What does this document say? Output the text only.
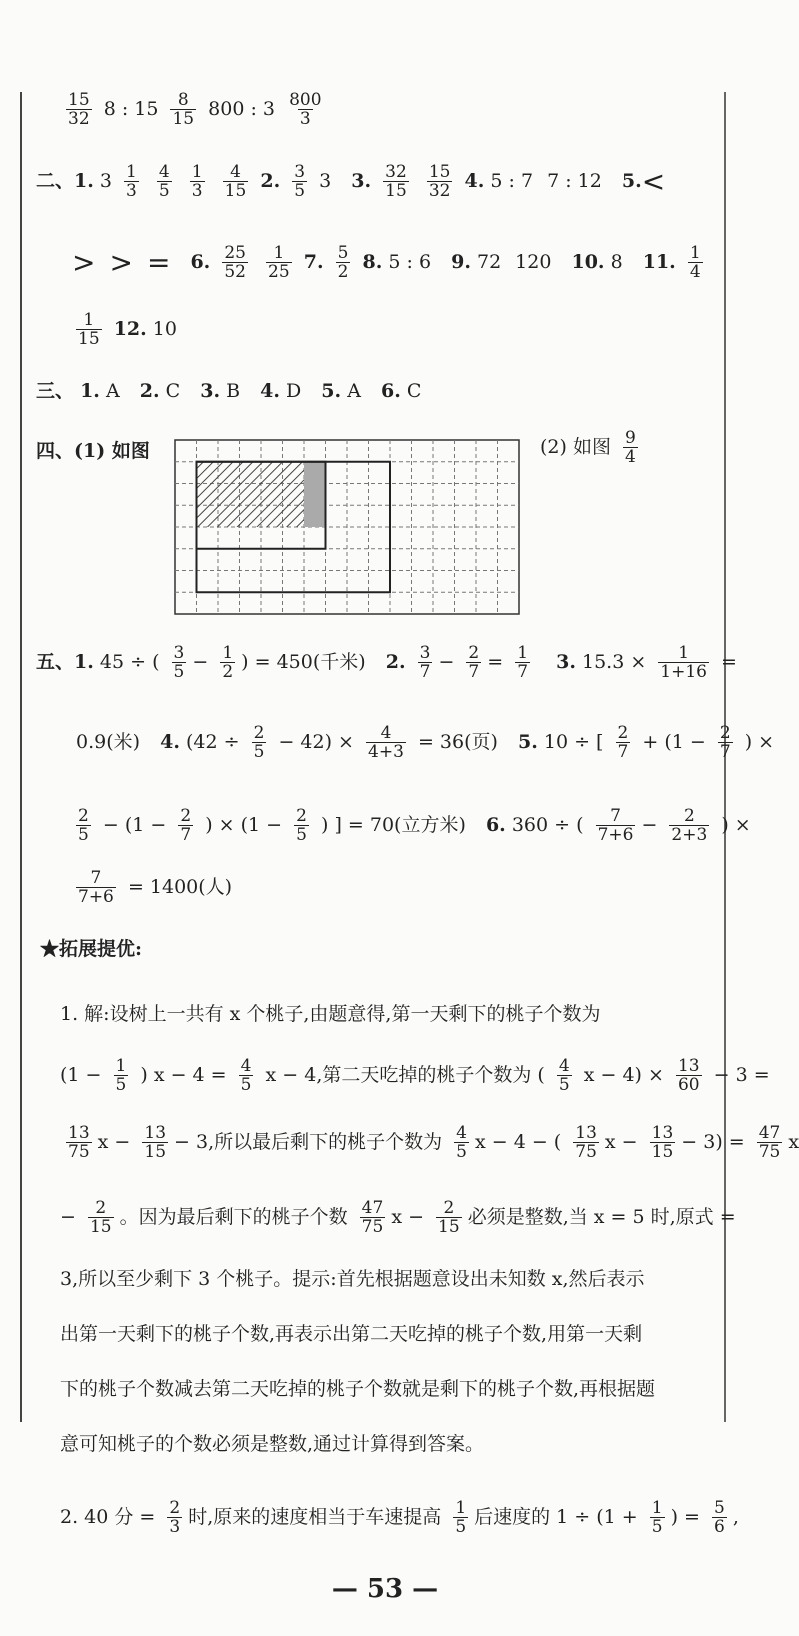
$\frac{15}{32} 8$ : $15 \frac{8}{15} 800$ : $3 \frac{800}{3}$
二、1. $3 \frac{1}{3}$
$\frac{4}{5}$
$\frac{1}{3}$
$\frac{4}{15} 2$. $\frac{3}{5} 3$ 3. $\frac{32}{15}$
$\frac{15}{32} 4$. 5 : 7 7 : 12 5.<
> > = 6. $\frac{25}{52}$
$\frac{1}{25} 7$. $\frac{5}{2} 8$. 5 : 6 9. 72 120 10. 8 11. $\frac{1}{4}$
$\frac{1}{15} 12$. 10
三、 1. A 2. C 3. B 4. D 5. A 6. C
四、(1) 如图	(2) 如图 $\frac{9}{4}$
五、1. 45 ÷ ( $\frac{3}{5} - \frac{1}{2}$ ) = 450(千米) 2. $\frac{3}{7} - \frac{2}{7} = \frac{1}{7} 3$. $15.3 \times \frac{1}{1+16}$ =
0.9(米) 4. $(42 \div \frac{2}{5} - 42) \times \frac{4}{4+3} = 36$(页) 5. 10 ÷ [ $\frac{2}{7} + (1 - \frac{2}{7}$ ) ×
$\frac{2}{5} - (1 - \frac{2}{7}$ ) × ($1 - \frac{2}{5}$ ) ] = 70(立方米) 6. 360 ÷ ( $\frac{7}{7+6} - \frac{2}{2+3}$ ) ×
$\frac{7}{7+6} = 1400$(人)
★拓展提优:
1. 解:设树上一共有 x 个桃子,由题意得,第一天剩下的桃子个数为
($1 - \frac{1}{5}$ ) $x - 4 = \frac{4}{5}$ x − 4,第二天吃掉的桃子个数为 ( $\frac{4}{5}$ $x - 4) \times \frac{13}{60} - 3$ =
$\frac{13}{75}$ $x - \frac{13}{15} - 3$,所以最后剩下的桃子个数为 $\frac{4}{5}$ x − 4 − ( $\frac{13}{75}$ $x - \frac{13}{15} - 3) = \frac{47}{75}$ x
− $\frac{2}{15}$ 。因为最后剩下的桃子个数 $\frac{47}{75}$ $x - \frac{2}{15}$ 必须是整数,当 x = 5 时,原式 =
3,所以至少剩下 3 个桃子。提示:首先根据题意设出未知数 x,然后表示
出第一天剩下的桃子个数,再表示出第二天吃掉的桃子个数,用第一天剩
下的桃子个数减去第二天吃掉的桃子个数就是剩下的桃子个数,再根据题
意可知桃子的个数必须是整数,通过计算得到答案。
2. 40 分 = $\frac{2}{3}$ 时,原来的速度相当于车速提高 $\frac{1}{5}$ 后速度的 $1 \div (1 + \frac{1}{5}$ ) = $\frac{5}{6}$ ,
— 53 —
